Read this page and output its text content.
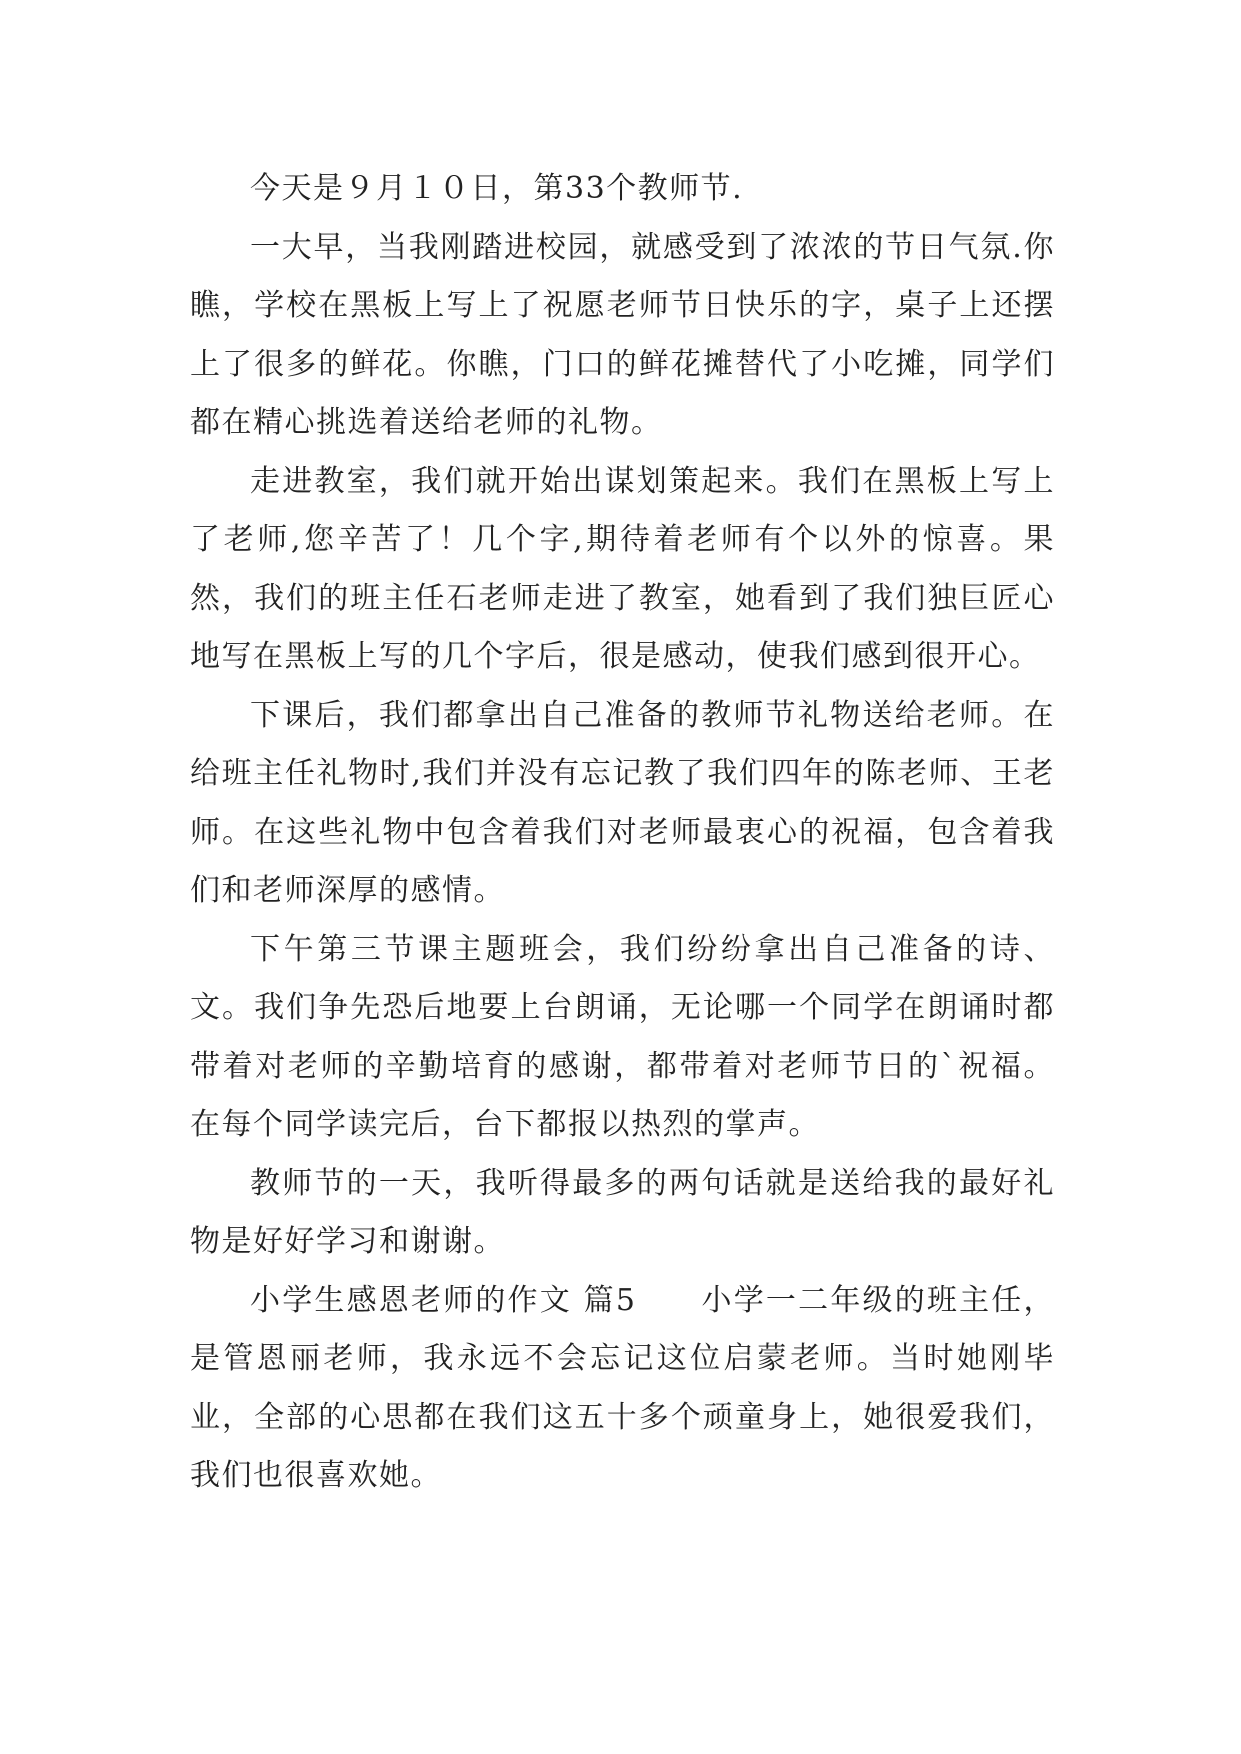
今天是９月１０日，第33个教师节.

一大早，当我刚踏进校园，就感受到了浓浓的节日气氛.你瞧，学校在黑板上写上了祝愿老师节日快乐的字，桌子上还摆上了很多的鲜花。你瞧，门口的鲜花摊替代了小吃摊，同学们都在精心挑选着送给老师的礼物。

走进教室，我们就开始出谋划策起来。我们在黑板上写上了老师,您辛苦了！几个字,期待着老师有个以外的惊喜。果然，我们的班主任石老师走进了教室，她看到了我们独巨匠心地写在黑板上写的几个字后，很是感动，使我们感到很开心。

下课后，我们都拿出自己准备的教师节礼物送给老师。在给班主任礼物时,我们并没有忘记教了我们四年的陈老师、王老师。在这些礼物中包含着我们对老师最衷心的祝福，包含着我们和老师深厚的感情。

下午第三节课主题班会，我们纷纷拿出自己准备的诗、文。我们争先恐后地要上台朗诵，无论哪一个同学在朗诵时都带着对老师的辛勤培育的感谢，都带着对老师节日的`祝福。在每个同学读完后，台下都报以热烈的掌声。

教师节的一天，我听得最多的两句话就是送给我的最好礼物是好好学习和谢谢。

小学生感恩老师的作文 篇5　　小学一二年级的班主任，是管恩丽老师，我永远不会忘记这位启蒙老师。当时她刚毕业，全部的心思都在我们这五十多个顽童身上，她很爱我们，我们也很喜欢她。
